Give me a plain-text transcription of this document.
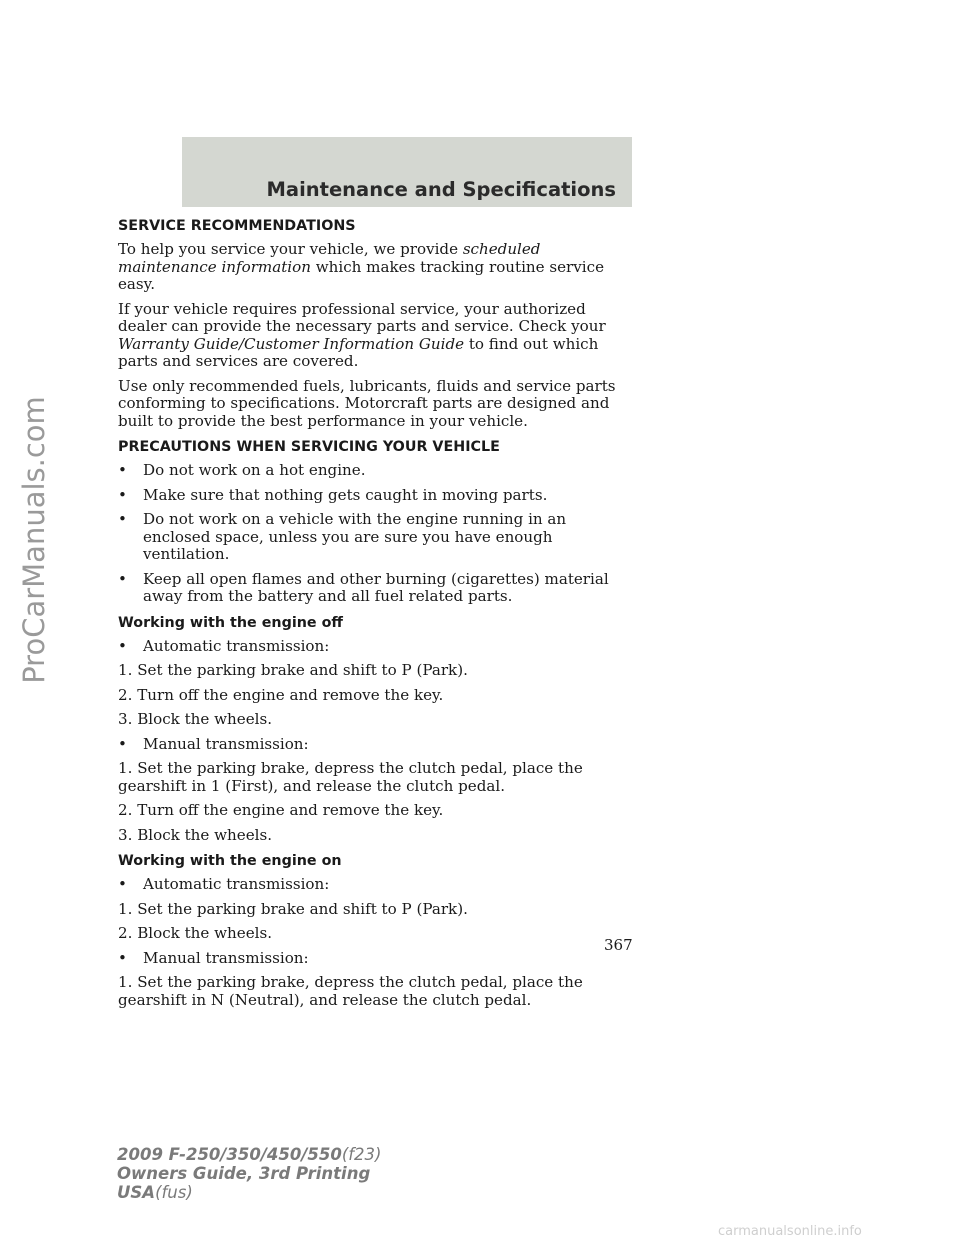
Maintenance and Specifications
ProCarManuals.com
SERVICE RECOMMENDATIONS

To help you service your vehicle, we provide scheduled maintenance information which makes tracking routine service easy.

If your vehicle requires professional service, your authorized dealer can provide the necessary parts and service. Check your Warranty Guide/Customer Information Guide to find out which parts and services are covered.

Use only recommended fuels, lubricants, fluids and service parts conforming to specifications. Motorcraft parts are designed and built to provide the best performance in your vehicle.

PRECAUTIONS WHEN SERVICING YOUR VEHICLE
•	Do not work on a hot engine.
•	Make sure that nothing gets caught in moving parts.
•	Do not work on a vehicle with the engine running in an enclosed space, unless you are sure you have enough ventilation.
•	Keep all open flames and other burning (cigarettes) material away from the battery and all fuel related parts.
Working with the engine off
•	Automatic transmission:

1. Set the parking brake and shift to P (Park).

2. Turn off the engine and remove the key.

3. Block the wheels.

•	Manual transmission:

1. Set the parking brake, depress the clutch pedal, place the gearshift in 1 (First), and release the clutch pedal.

2. Turn off the engine and remove the key.

3. Block the wheels.

Working with the engine on
•	Automatic transmission:

1. Set the parking brake and shift to P (Park).

2. Block the wheels.

•	Manual transmission:

1. Set the parking brake, depress the clutch pedal, place the gearshift in N (Neutral), and release the clutch pedal.

367
2009 F-250/350/450/550(f23)
Owners Guide, 3rd Printing
USA(fus)
carmanualsonline.info
